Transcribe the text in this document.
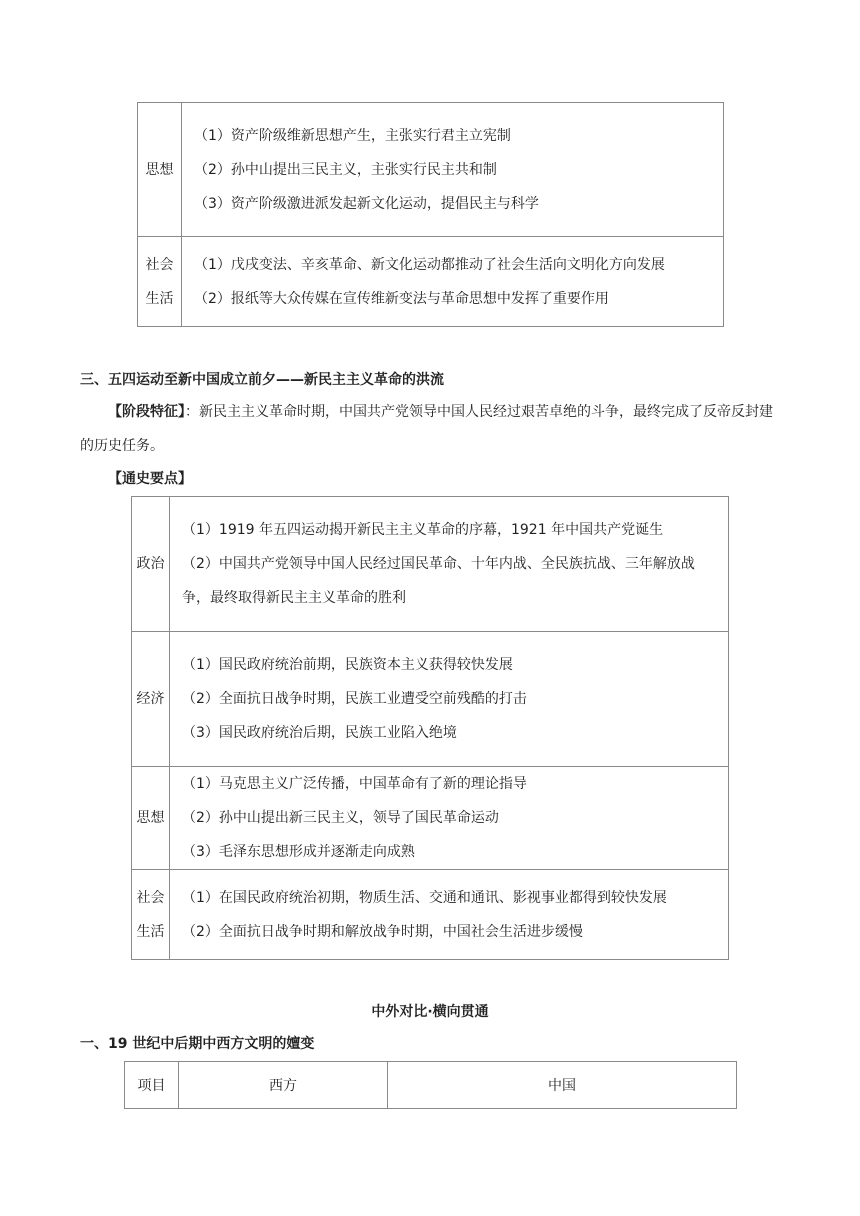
思想	（1）资产阶级维新思想产生，主张实行君主立宪制
（2）孙中山提出三民主义，主张实行民主共和制
（3）资产阶级激进派发起新文化运动，提倡民主与科学

社会
生活	（1）戊戌变法、辛亥革命、新文化运动都推动了社会生活向文明化方向发展
（2）报纸等大众传媒在宣传维新变法与革命思想中发挥了重要作用
三、五四运动至新中国成立前夕——新民主主义革命的洪流
【阶段特征】：新民主主义革命时期，中国共产党领导中国人民经过艰苦卓绝的斗争，最终完成了反帝反封建的历史任务。
【通史要点】
政治	（1）1919 年五四运动揭开新民主主义革命的序幕，1921 年中国共产党诞生
（2）中国共产党领导中国人民经过国民革命、十年内战、全民族抗战、三年解放战争，最终取得新民主主义革命的胜利

经济	（1）国民政府统治前期，民族资本主义获得较快发展
（2）全面抗日战争时期，民族工业遭受空前残酷的打击
（3）国民政府统治后期，民族工业陷入绝境

思想	（1）马克思主义广泛传播，中国革命有了新的理论指导
（2）孙中山提出新三民主义，领导了国民革命运动
（3）毛泽东思想形成并逐渐走向成熟

社会
生活	（1）在国民政府统治初期，物质生活、交通和通讯、影视事业都得到较快发展
（2）全面抗日战争时期和解放战争时期，中国社会生活进步缓慢
中外对比·横向贯通
一、19 世纪中后期中西方文明的嬗变
项目	西方	中国
